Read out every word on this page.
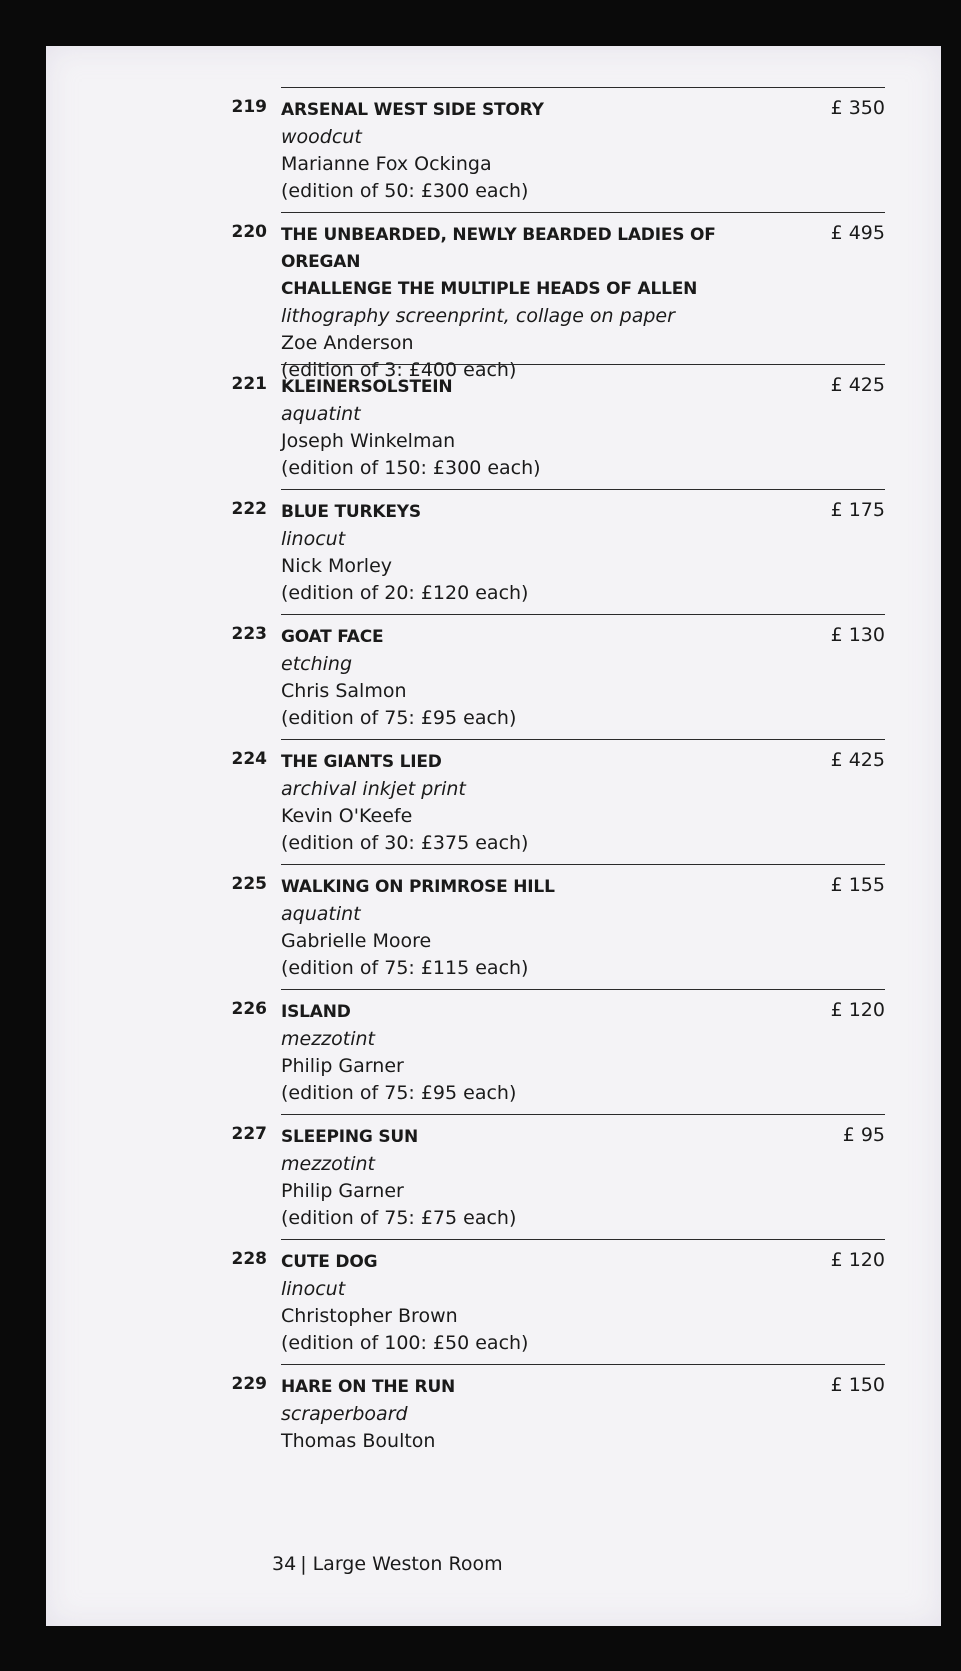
219 ARSENAL WEST SIDE STORY
woodcut
Marianne Fox Ockinga
(edition of 50: £300 each)
£ 350
220 THE UNBEARDED, NEWLY BEARDED LADIES OF OREGAN
CHALLENGE THE MULTIPLE HEADS OF ALLEN
lithography screenprint, collage on paper
Zoe Anderson
(edition of 3: £400 each)
£ 495
221 KLEINERSOLSTEIN
aquatint
Joseph Winkelman
(edition of 150: £300 each)
£ 425
222 BLUE TURKEYS
linocut
Nick Morley
(edition of 20: £120 each)
£ 175
223 GOAT FACE
etching
Chris Salmon
(edition of 75: £95 each)
£ 130
224 THE GIANTS LIED
archival inkjet print
Kevin O'Keefe
(edition of 30: £375 each)
£ 425
225 WALKING ON PRIMROSE HILL
aquatint
Gabrielle Moore
(edition of 75: £115 each)
£ 155
226 ISLAND
mezzotint
Philip Garner
(edition of 75: £95 each)
£ 120
227 SLEEPING SUN
mezzotint
Philip Garner
(edition of 75: £75 each)
£ 95
228 CUTE DOG
linocut
Christopher Brown
(edition of 100: £50 each)
£ 120
229 HARE ON THE RUN
scraperboard
Thomas Boulton
£ 150
34 | Large Weston Room
